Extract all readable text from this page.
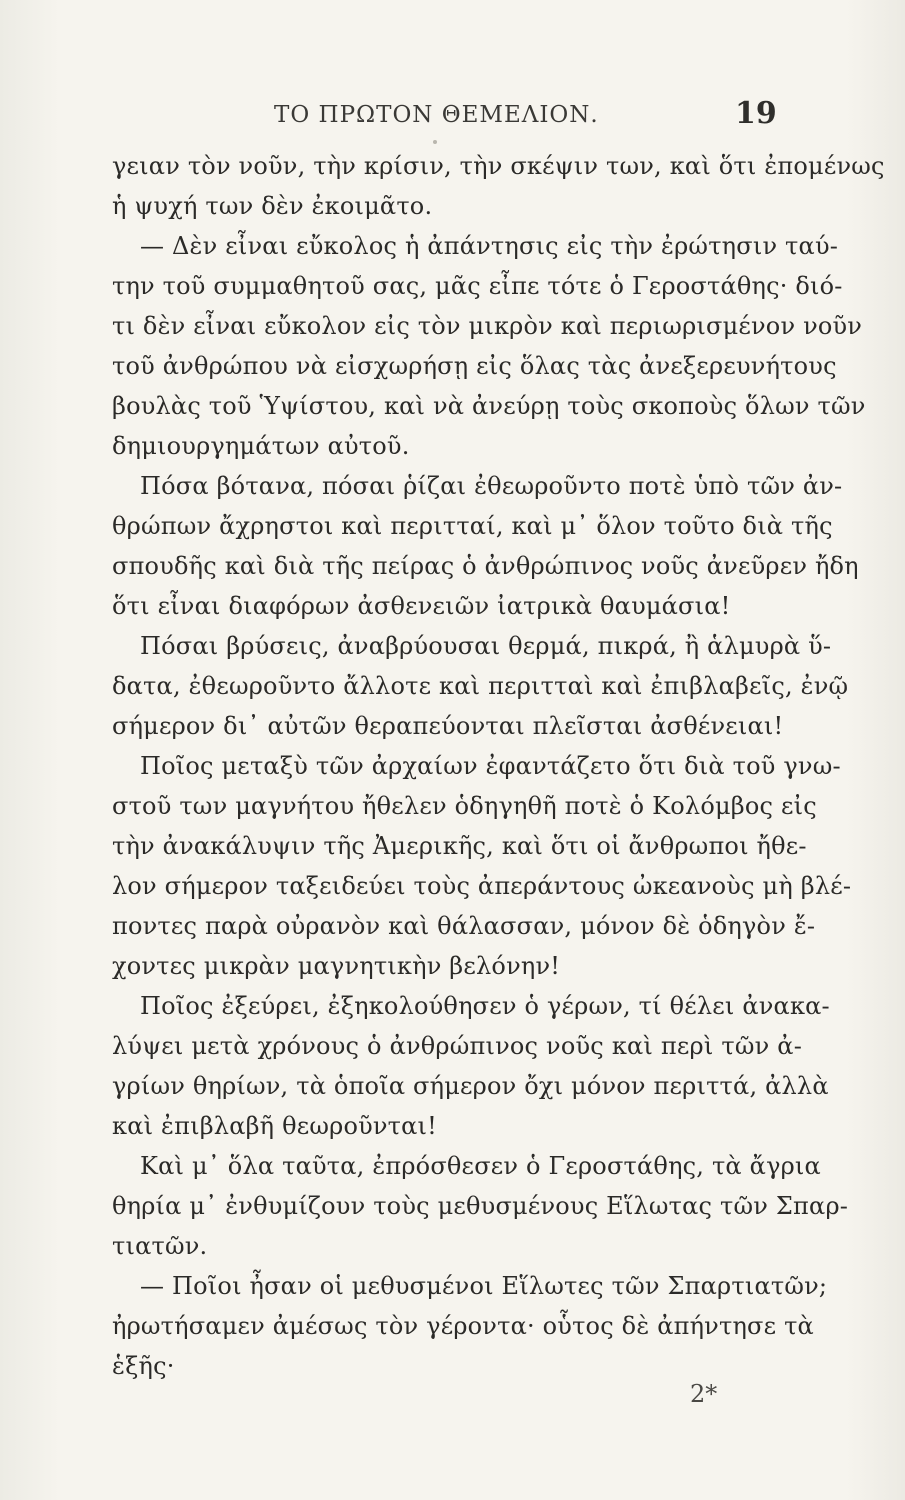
ΤΟ ΠΡΩΤΟΝ ΘΕΜΕΛΙΟΝ.	19
γειαν τὸν νοῦν, τὴν κρίσιν, τὴν σκέψιν των, καὶ ὅτι ἐπομένως
ἡ ψυχή των δὲν ἐκοιμᾶτο.
— Δὲν εἶναι εὔκολος ἡ ἀπάντησις εἰς τὴν ἐρώτησιν ταύ-
την τοῦ συμμαθητοῦ σας, μᾶς εἶπε τότε ὁ Γεροστάθης· διό-
τι δὲν εἶναι εὔκολον εἰς τὸν μικρὸν καὶ περιωρισμένον νοῦν
τοῦ ἀνθρώπου νὰ εἰσχωρήσῃ εἰς ὅλας τὰς ἀνεξερευνήτους
βουλὰς τοῦ Ὑψίστου, καὶ νὰ ἀνεύρῃ τοὺς σκοποὺς ὅλων τῶν
δημιουργημάτων αὐτοῦ.
Πόσα βότανα, πόσαι ῥίζαι ἐθεωροῦντο ποτὲ ὑπὸ τῶν ἀν-
θρώπων ἄχρηστοι καὶ περιτταί, καὶ μ᾽ ὅλον τοῦτο διὰ τῆς
σπουδῆς καὶ διὰ τῆς πείρας ὁ ἀνθρώπινος νοῦς ἀνεῦρεν ἤδη
ὅτι εἶναι διαφόρων ἀσθενειῶν ἰατρικὰ θαυμάσια!
Πόσαι βρύσεις, ἀναβρύουσαι θερμά, πικρά, ἢ ἁλμυρὰ ὕ-
δατα, ἐθεωροῦντο ἄλλοτε καὶ περιτταὶ καὶ ἐπιβλαβεῖς, ἐνῷ
σήμερον δι᾽ αὐτῶν θεραπεύονται πλεῖσται ἀσθένειαι!
Ποῖος μεταξὺ τῶν ἀρχαίων ἐφαντάζετο ὅτι διὰ τοῦ γνω-
στοῦ των μαγνήτου ἤθελεν ὁδηγηθῆ ποτὲ ὁ Κολόμβος εἰς
τὴν ἀνακάλυψιν τῆς Ἀμερικῆς, καὶ ὅτι οἱ ἄνθρωποι ἤθε-
λον σήμερον ταξειδεύει τοὺς ἀπεράντους ὠκεανοὺς μὴ βλέ-
ποντες παρὰ οὐρανὸν καὶ θάλασσαν, μόνον δὲ ὁδηγὸν ἔ-
χοντες μικρὰν μαγνητικὴν βελόνην!
Ποῖος ἐξεύρει, ἐξηκολούθησεν ὁ γέρων, τί θέλει ἀνακα-
λύψει μετὰ χρόνους ὁ ἀνθρώπινος νοῦς καὶ περὶ τῶν ἀ-
γρίων θηρίων, τὰ ὁποῖα σήμερον ὄχι μόνον περιττά, ἀλλὰ
καὶ ἐπιβλαβῆ θεωροῦνται!
Καὶ μ᾽ ὅλα ταῦτα, ἐπρόσθεσεν ὁ Γεροστάθης, τὰ ἄγρια
θηρία μ᾽ ἐνθυμίζουν τοὺς μεθυσμένους Εἵλωτας τῶν Σπαρ-
τιατῶν.
— Ποῖοι ἦσαν οἱ μεθυσμένοι Εἵλωτες τῶν Σπαρτιατῶν;
ἠρωτήσαμεν ἀμέσως τὸν γέροντα· οὗτος δὲ ἀπήντησε τὰ
ἑξῆς·
2*
